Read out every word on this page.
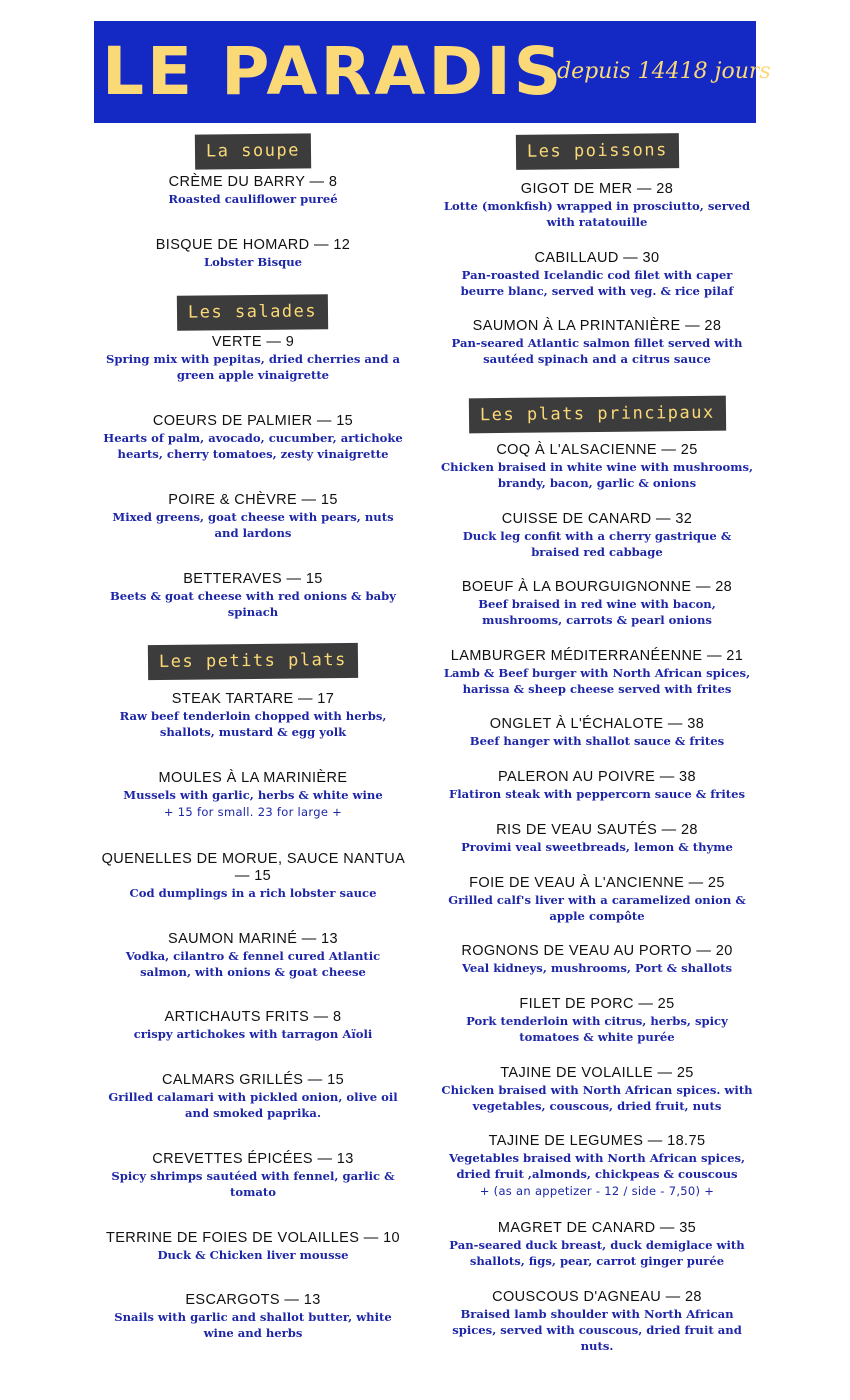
LE PARADIS
depuis 14418 jours
La soupe

CRÈME DU BARRY — 8

Roasted cauliflower pureé

BISQUE DE HOMARD — 12

Lobster Bisque

Les salades

VERTE — 9

Spring mix with pepitas, dried cherries and a green apple vinaigrette

COEURS DE PALMIER — 15

Hearts of palm, avocado, cucumber, artichoke hearts, cherry tomatoes, zesty vinaigrette

POIRE & CHÈVRE — 15

Mixed greens, goat cheese with pears, nuts and lardons

BETTERAVES — 15

Beets & goat cheese with red onions & baby spinach

Les petits plats

STEAK TARTARE — 17

Raw beef tenderloin chopped with herbs, shallots, mustard & egg yolk

MOULES À LA MARINIÈRE

Mussels with garlic, herbs & white wine

+ 15 for small. 23 for large +

QUENELLES DE MORUE, SAUCE NANTUA — 15

Cod dumplings in a rich lobster sauce

SAUMON MARINÉ — 13

Vodka, cilantro & fennel cured Atlantic salmon, with onions & goat cheese

ARTICHAUTS FRITS — 8

crispy artichokes with tarragon Aïoli

CALMARS GRILLÉS — 15

Grilled calamari with pickled onion, olive oil and smoked paprika.

CREVETTES ÉPICÉES — 13

Spicy shrimps sautéed with fennel, garlic & tomato

TERRINE DE FOIES DE VOLAILLES — 10

Duck & Chicken liver mousse

ESCARGOTS — 13

Snails with garlic and shallot butter, white wine and herbs

Les poissons

GIGOT DE MER — 28

Lotte (monkfish) wrapped in prosciutto, served with ratatouille

CABILLAUD — 30

Pan-roasted Icelandic cod filet with caper beurre blanc, served with veg. & rice pilaf

SAUMON À LA PRINTANIÈRE — 28

Pan-seared Atlantic salmon fillet served with sautéed spinach and a citrus sauce

Les plats principaux

COQ À L'ALSACIENNE — 25

Chicken braised in white wine with mushrooms, brandy, bacon, garlic & onions

CUISSE DE CANARD — 32

Duck leg confit with a cherry gastrique & braised red cabbage

BOEUF À LA BOURGUIGNONNE — 28

Beef braised in red wine with bacon, mushrooms, carrots & pearl onions

LAMBURGER MÉDITERRANÉENNE — 21

Lamb & Beef burger with North African spices, harissa & sheep cheese served with frites

ONGLET À L'ÉCHALOTE — 38

Beef hanger with shallot sauce & frites

PALERON AU POIVRE — 38

Flatiron steak with peppercorn sauce & frites

RIS DE VEAU SAUTÉS — 28

Provimi veal sweetbreads, lemon & thyme

FOIE DE VEAU À L'ANCIENNE — 25

Grilled calf's liver with a caramelized onion & apple compôte

ROGNONS DE VEAU AU PORTO — 20

Veal kidneys, mushrooms, Port & shallots

FILET DE PORC — 25

Pork tenderloin with citrus, herbs, spicy tomatoes & white purée

TAJINE DE VOLAILLE — 25

Chicken braised with North African spices. with vegetables, couscous, dried fruit, nuts

TAJINE DE LEGUMES — 18.75

Vegetables braised with North African spices, dried fruit ,almonds, chickpeas & couscous

+ (as an appetizer - 12 / side - 7,50) +

MAGRET DE CANARD — 35

Pan-seared duck breast, duck demiglace with shallots, figs, pear, carrot ginger purée

COUSCOUS D'AGNEAU — 28

Braised lamb shoulder with North African spices, served with couscous, dried fruit and nuts.
